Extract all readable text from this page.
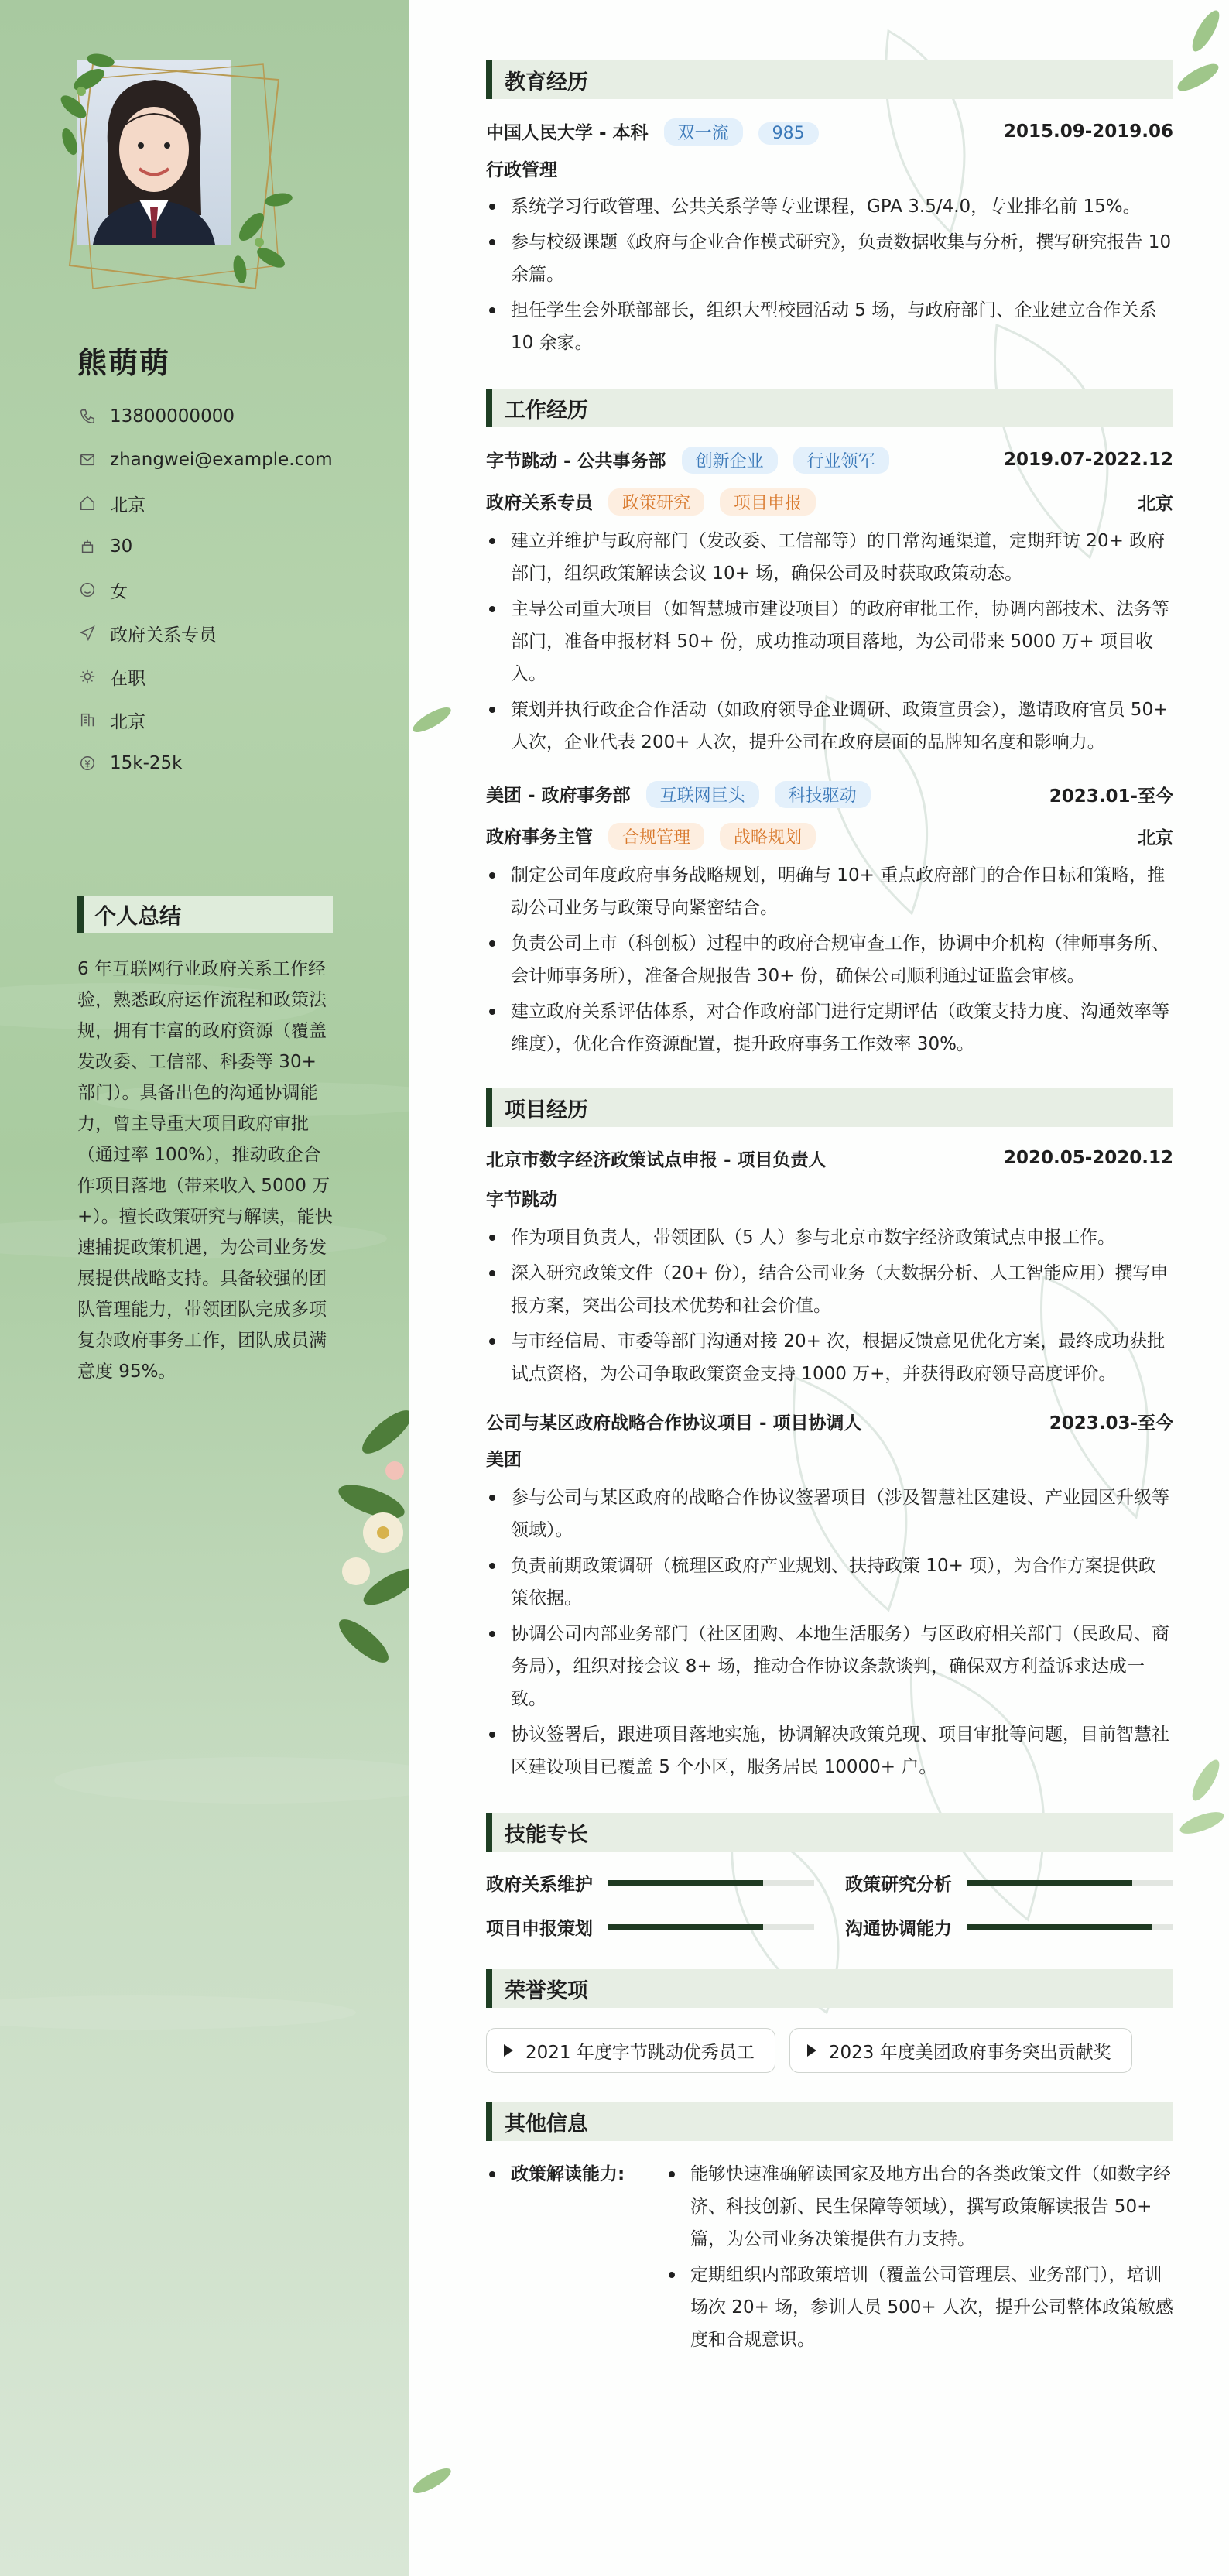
熊萌萌
13800000000
zhangwei@example.com
北京
30
女
政府关系专员
在职
北京
15k-25k
个人总结
6 年互联网行业政府关系工作经验，熟悉政府运作流程和政策法规，拥有丰富的政府资源（覆盖发改委、工信部、科委等 30+ 部门）。具备出色的沟通协调能力，曾主导重大项目政府审批（通过率 100%），推动政企合作项目落地（带来收入 5000 万+）。擅长政策研究与解读，能快速捕捉政策机遇，为公司业务发展提供战略支持。具备较强的团队管理能力，带领团队完成多项复杂政府事务工作，团队成员满意度 95%。
教育经历
中国人民大学 - 本科 双一流	985	2015.09-2019.06
行政管理
系统学习行政管理、公共关系学等专业课程，GPA 3.5/4.0，专业排名前 15%。
参与校级课题《政府与企业合作模式研究》，负责数据收集与分析，撰写研究报告 10 余篇。
担任学生会外联部部长，组织大型校园活动 5 场，与政府部门、企业建立合作关系 10 余家。
工作经历
字节跳动 - 公共事务部 创新企业	行业领军	2019.07-2022.12
政府关系专员 政策研究	项目申报	北京
建立并维护与政府部门（发改委、工信部等）的日常沟通渠道，定期拜访 20+ 政府部门，组织政策解读会议 10+ 场，确保公司及时获取政策动态。
主导公司重大项目（如智慧城市建设项目）的政府审批工作，协调内部技术、法务等部门，准备申报材料 50+ 份，成功推动项目落地，为公司带来 5000 万+ 项目收入。
策划并执行政企合作活动（如政府领导企业调研、政策宣贯会），邀请政府官员 50+ 人次，企业代表 200+ 人次，提升公司在政府层面的品牌知名度和影响力。
美团 - 政府事务部 互联网巨头	科技驱动	2023.01-至今
政府事务主管 合规管理	战略规划	北京
制定公司年度政府事务战略规划，明确与 10+ 重点政府部门的合作目标和策略，推动公司业务与政策导向紧密结合。
负责公司上市（科创板）过程中的政府合规审查工作，协调中介机构（律师事务所、会计师事务所），准备合规报告 30+ 份，确保公司顺利通过证监会审核。
建立政府关系评估体系，对合作政府部门进行定期评估（政策支持力度、沟通效率等维度），优化合作资源配置，提升政府事务工作效率 30%。
项目经历
北京市数字经济政策试点申报 - 项目负责人	2020.05-2020.12
字节跳动
作为项目负责人，带领团队（5 人）参与北京市数字经济政策试点申报工作。
深入研究政策文件（20+ 份），结合公司业务（大数据分析、人工智能应用）撰写申报方案，突出公司技术优势和社会价值。
与市经信局、市委等部门沟通对接 20+ 次，根据反馈意见优化方案，最终成功获批试点资格，为公司争取政策资金支持 1000 万+，并获得政府领导高度评价。
公司与某区政府战略合作协议项目 - 项目协调人	2023.03-至今
美团
参与公司与某区政府的战略合作协议签署项目（涉及智慧社区建设、产业园区升级等领域）。
负责前期政策调研（梳理区政府产业规划、扶持政策 10+ 项），为合作方案提供政策依据。
协调公司内部业务部门（社区团购、本地生活服务）与区政府相关部门（民政局、商务局），组织对接会议 8+ 场，推动合作协议条款谈判，确保双方利益诉求达成一致。
协议签署后，跟进项目落地实施，协调解决政策兑现、项目审批等问题，目前智慧社区建设项目已覆盖 5 个小区，服务居民 10000+ 户。
技能专长
政府关系维护	政策研究分析
项目申报策划	沟通协调能力
荣誉奖项
2021 年度字节跳动优秀员工	2023 年度美团政府事务突出贡献奖
其他信息
政策解读能力:	能够快速准确解读国家及地方出台的各类政策文件（如数字经济、科技创新、民生保障等领域），撰写政策解读报告 50+ 篇，为公司业务决策提供有力支持。
定期组织内部政策培训（覆盖公司管理层、业务部门），培训场次 20+ 场，参训人员 500+ 人次，提升公司整体政策敏感度和合规意识。
